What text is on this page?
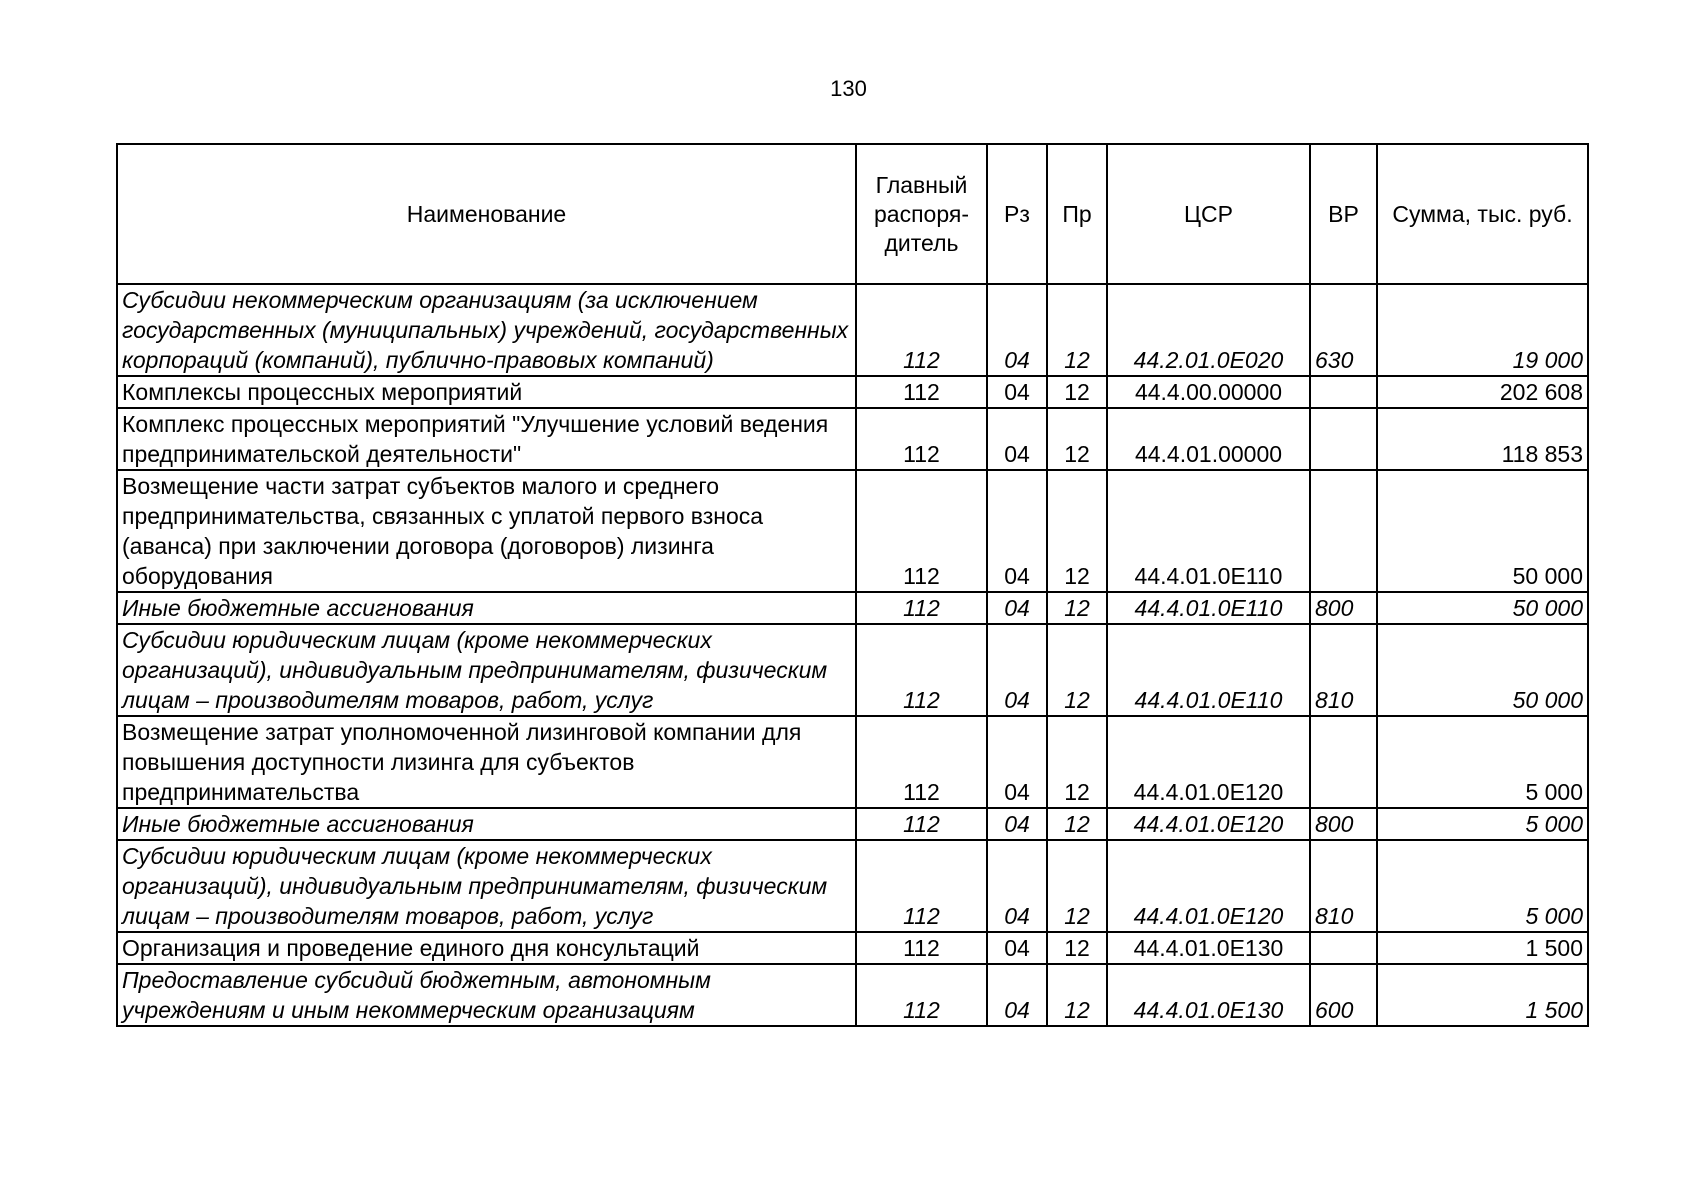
130
Наименование	Главный распоря-дитель	Рз	Пр	ЦСР	ВР	Сумма, тыс. руб.
Субсидии некоммерческим организациям (за исключением государственных (муниципальных) учреждений, государственных корпораций (компаний), публично-правовых компаний)	112	04	12	44.2.01.0Е020	630	19 000
Комплексы процессных мероприятий	112	04	12	44.4.00.00000		202 608
Комплекс процессных мероприятий "Улучшение условий ведения предпринимательской деятельности"	112	04	12	44.4.01.00000		118 853
Возмещение части затрат субъектов малого и среднего предпринимательства, связанных с уплатой первого взноса (аванса) при заключении договора (договоров) лизинга оборудования	112	04	12	44.4.01.0Е110		50 000
Иные бюджетные ассигнования	112	04	12	44.4.01.0Е110	800	50 000
Субсидии юридическим лицам (кроме некоммерческих организаций), индивидуальным предпринимателям, физическим лицам – производителям товаров, работ, услуг	112	04	12	44.4.01.0Е110	810	50 000
Возмещение затрат уполномоченной лизинговой компании для повышения доступности лизинга для субъектов предпринимательства	112	04	12	44.4.01.0Е120		5 000
Иные бюджетные ассигнования	112	04	12	44.4.01.0Е120	800	5 000
Субсидии юридическим лицам (кроме некоммерческих организаций), индивидуальным предпринимателям, физическим лицам – производителям товаров, работ, услуг	112	04	12	44.4.01.0Е120	810	5 000
Организация и проведение единого дня консультаций	112	04	12	44.4.01.0Е130		1 500
Предоставление субсидий бюджетным, автономным учреждениям и иным некоммерческим организациям	112	04	12	44.4.01.0Е130	600	1 500
